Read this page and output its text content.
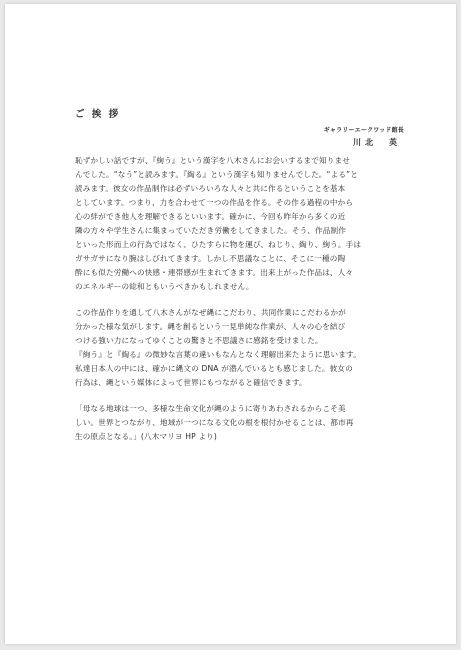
ご 挨 拶
ギャラリーエークワッド館長
川北　英
恥ずかしい話ですが、『絢う』という漢字を八木さんにお会いするまで知りませ
んでした。“なう”と読みます。『綯る』という漢字も知りませんでした。“よる”と
読みます。彼女の作品制作は必ずいろいろな人々と共に作るということを基本
としています。つまり、力を合わせて一つの作品を作る。その作る過程の中から
心の絆ができ他人を理解できるといいます。確かに、今回も昨年から多くの近
隣の方々や学生さんに集まっていただき労働をしてきました。そう、作品制作
といった形而上の行為ではなく、ひたすらに物を運び、ねじり、綯り、絢う。手は
ガサガサになり腕はしびれてきます。しかし不思議なことに、そこに一種の陶
酔にも似た労働への快感・連帯感が生まれてきます。出来上がった作品は、人々
のエネルギーの総和ともいうべきかもしれません。
この作品作りを通して八木さんがなぜ縄にこだわり、共同作業にこだわるかが
分かった様な気がします。縄を創るという一見単純な作業が、人々の心を結び
つける強い力になってゆくことの驚きと不思議さに感銘を受けました。
『絢う』と『綯る』の微妙な言葉の違いもなんとなく理解出来たように思います。
私達日本人の中には、確かに縄文の DNA が潜んでいるとも感じました。彼女の
行為は、縄という媒体によって世界にもつながると確信できます。
「母なる地球は一つ、多様な生命文化が縄のように寄りあわされるからこそ美
しい。世界とつながり、地域が一つになる文化の根を根付かせることは、都市再
生の原点となる。」(八木マリヨ HP より)
